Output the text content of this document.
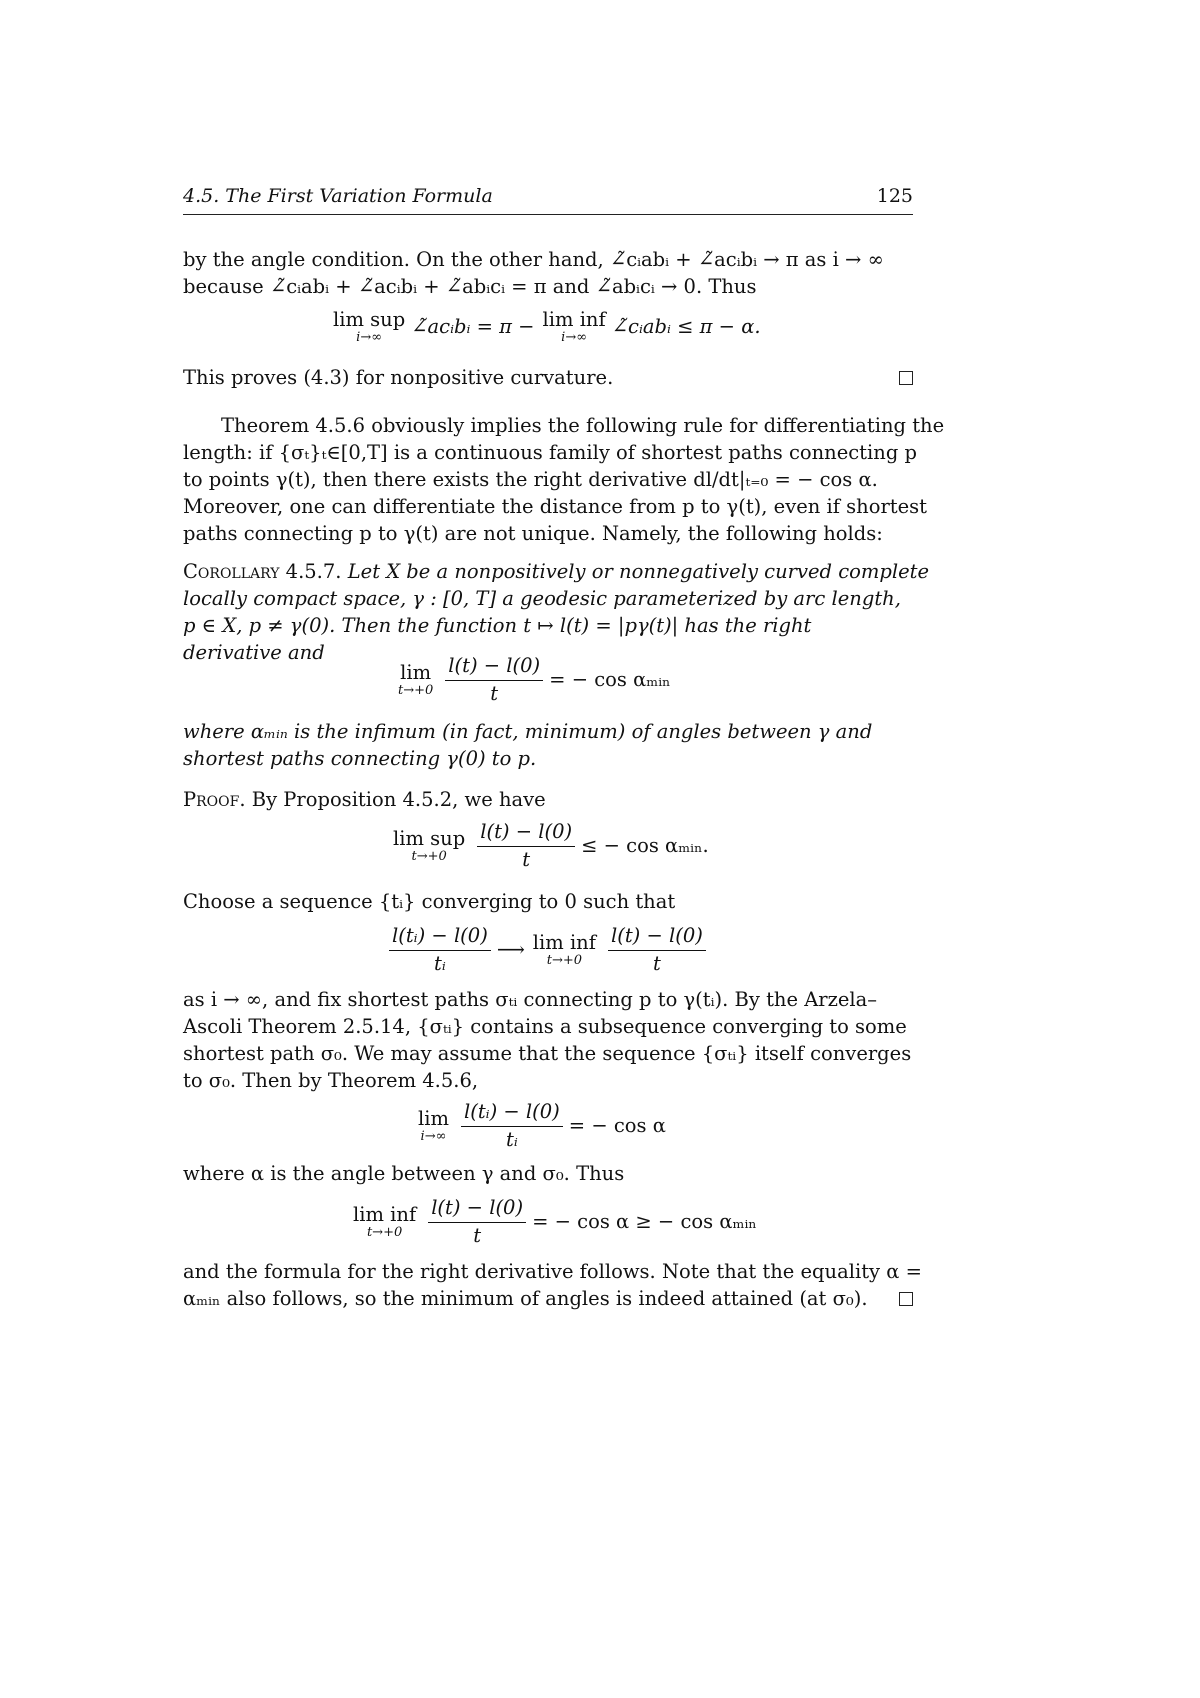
4.5. The First Variation Formula	125
by the angle condition. On the other hand, ∠̃cᵢabᵢ + ∠̃acᵢbᵢ → π as i → ∞
because ∠̃cᵢabᵢ + ∠̃acᵢbᵢ + ∠̃abᵢcᵢ = π and ∠̃abᵢcᵢ → 0. Thus
lim sup
i→∞ ∠̃acᵢbᵢ = π − lim inf
i→∞ ∠̃cᵢabᵢ ≤ π − α.
This proves (4.3) for nonpositive curvature.
Theorem 4.5.6 obviously implies the following rule for differentiating the
length: if {σₜ}ₜ∈[0,T] is a continuous family of shortest paths connecting p
to points γ(t), then there exists the right derivative dl/dt|ₜ₌₀ = − cos α.
Moreover, one can differentiate the distance from p to γ(t), even if shortest
paths connecting p to γ(t) are not unique. Namely, the following holds:
Corollary 4.5.7. Let X be a nonpositively or nonnegatively curved complete
locally compact space, γ : [0, T] a geodesic parameterized by arc length,
p ∈ X, p ≠ γ(0). Then the function t ↦ l(t) = |pγ(t)| has the right
derivative and
lim
$t\to+0 \frac{l(t) - l(0)}{t}$ = − cos αₘᵢₙ
where αₘᵢₙ is the infimum (in fact, minimum) of angles between γ and
shortest paths connecting γ(0) to p.
Proof. By Proposition 4.5.2, we have
lim sup
$t\to+0 \frac{l(t) - l(0)}{t}$ ≤ − cos αₘᵢₙ.
Choose a sequence {tᵢ} converging to 0 such that
$\frac{\text{l(tᵢ) − l(0)}}{\text{tᵢ}}$ ⟶ lim inf
$t\to+0 \frac{l(t) - l(0)}{t}$
as i → ∞, and fix shortest paths σₜᵢ connecting p to γ(tᵢ). By the Arzela–
Ascoli Theorem 2.5.14, {σₜᵢ} contains a subsequence converging to some
shortest path σ₀. We may assume that the sequence {σₜᵢ} itself converges
to σ₀. Then by Theorem 4.5.6,
lim
$i\to\infty \frac{\text{l(tᵢ) − l(0)}}{\text{tᵢ}}$ = − cos α
where α is the angle between γ and σ₀. Thus
lim inf
$t\to+0 \frac{l(t) - l(0)}{t}$ = − cos α ≥ − cos αₘᵢₙ
and the formula for the right derivative follows. Note that the equality α =
αₘᵢₙ also follows, so the minimum of angles is indeed attained (at σ₀).
